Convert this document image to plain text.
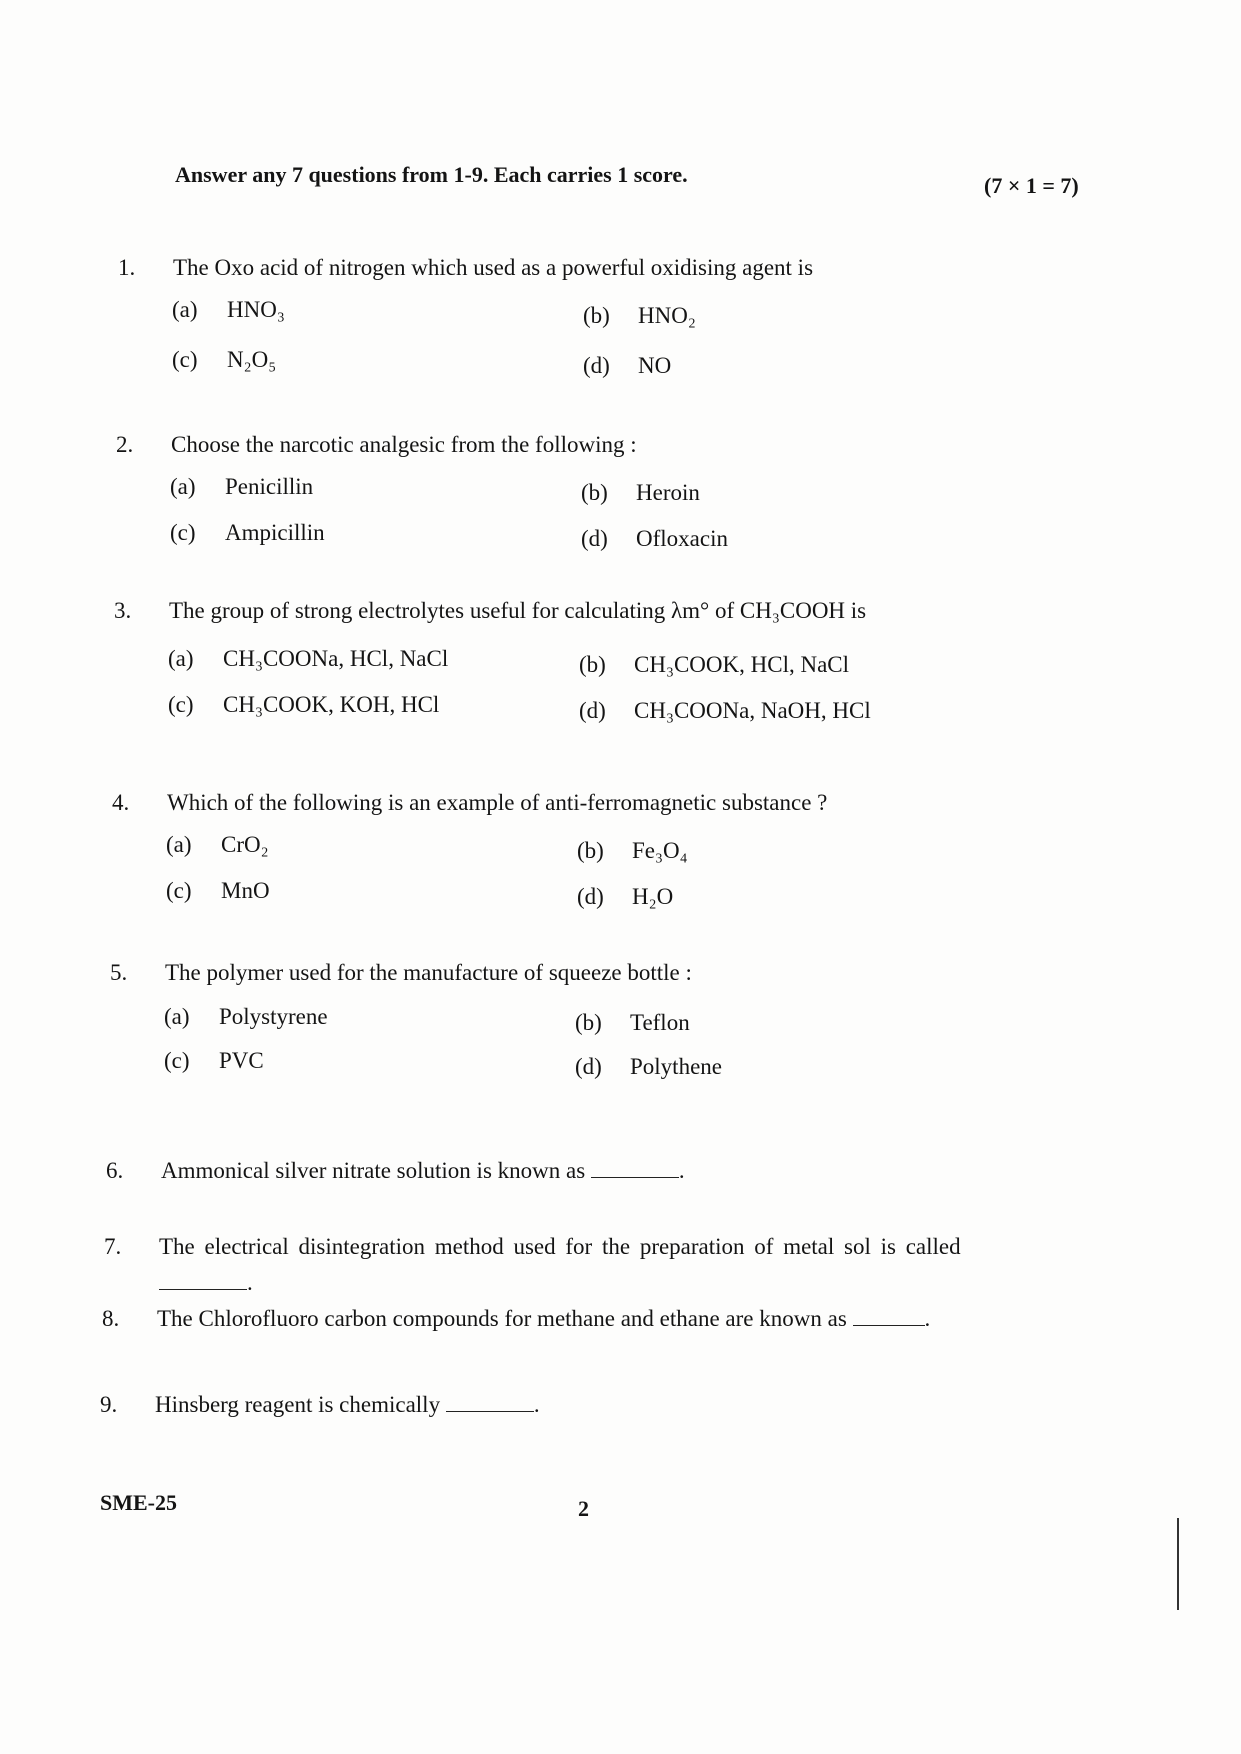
Answer any 7 questions from 1-9. Each carries 1 score.	(7 × 1 = 7)
1. The Oxo acid of nitrogen which used as a powerful oxidising agent is
(a) HNO₃	(b) HNO₂
(c) N₂O₅	(d) NO
2. Choose the narcotic analgesic from the following :
(a) Penicillin	(b) Heroin
(c) Ampicillin	(d) Ofloxacin
3. The group of strong electrolytes useful for calculating λm° of CH₃COOH is
(a) CH₃COONa, HCl, NaCl	(b) CH₃COOK, HCl, NaCl
(c) CH₃COOK, KOH, HCl	(d) CH₃COONa, NaOH, HCl
4. Which of the following is an example of anti-ferromagnetic substance ?
(a) CrO₂	(b) Fe₃O₄
(c) MnO	(d) H₂O
5. The polymer used for the manufacture of squeeze bottle :
(a) Polystyrene	(b) Teflon
(c) PVC	(d) Polythene
6. Ammonical silver nitrate solution is known as	.
7. The electrical disintegration method used for the preparation of metal sol is called
.
8. The Chlorofluoro carbon compounds for methane and ethane are known as	.
9. Hinsberg reagent is chemically	.
SME-25	2
